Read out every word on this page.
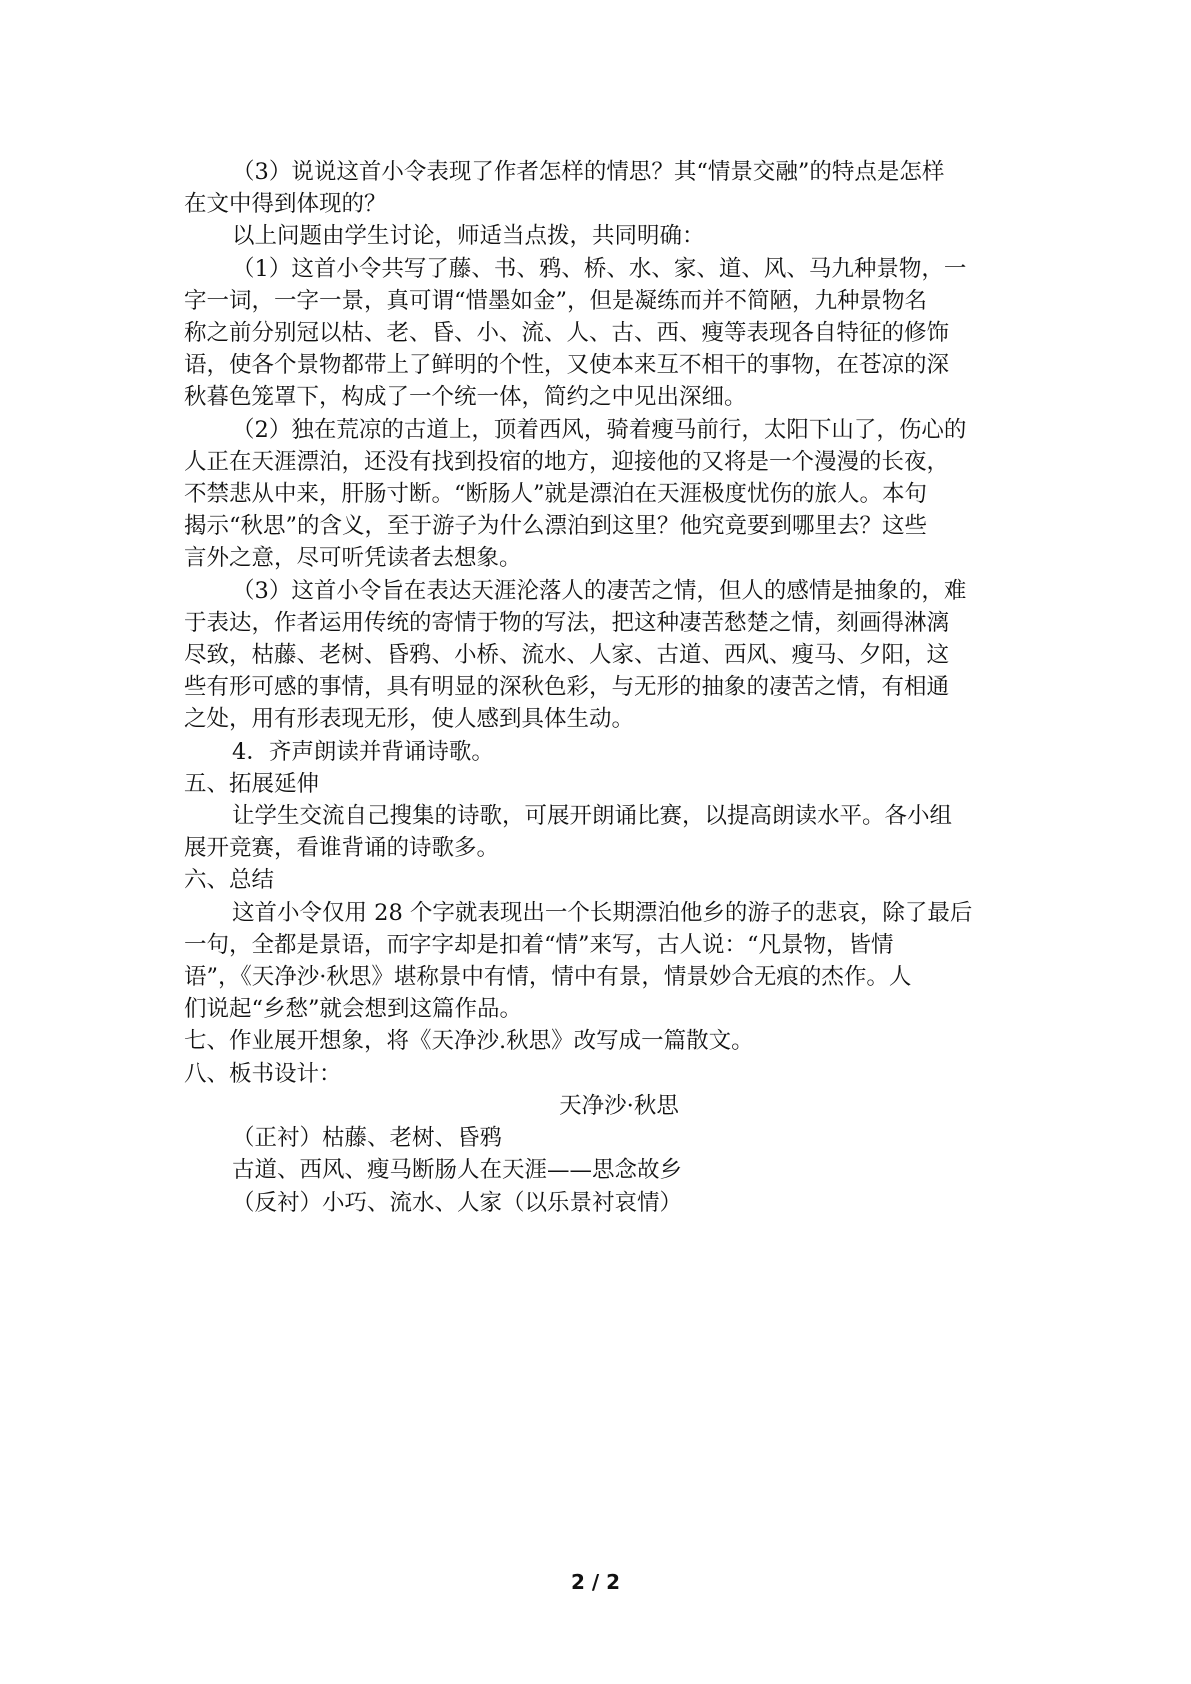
（3）说说这首小令表现了作者怎样的情思？其“情景交融”的特点是怎样
在文中得到体现的？
以上问题由学生讨论，师适当点拨，共同明确：
（1）这首小令共写了藤、书、鸦、桥、水、家、道、风、马九种景物，一
字一词，一字一景，真可谓“惜墨如金”，但是凝练而并不简陋，九种景物名
称之前分别冠以枯、老、昏、小、流、人、古、西、瘦等表现各自特征的修饰
语，使各个景物都带上了鲜明的个性，又使本来互不相干的事物，在苍凉的深
秋暮色笼罩下，构成了一个统一体，简约之中见出深细。
（2）独在荒凉的古道上，顶着西风，骑着瘦马前行，太阳下山了，伤心的
人正在天涯漂泊，还没有找到投宿的地方，迎接他的又将是一个漫漫的长夜，
不禁悲从中来，肝肠寸断。“断肠人”就是漂泊在天涯极度忧伤的旅人。本句
揭示“秋思”的含义，至于游子为什么漂泊到这里？他究竟要到哪里去？这些
言外之意，尽可听凭读者去想象。
（3）这首小令旨在表达天涯沦落人的凄苦之情，但人的感情是抽象的，难
于表达，作者运用传统的寄情于物的写法，把这种凄苦愁楚之情，刻画得淋漓
尽致，枯藤、老树、昏鸦、小桥、流水、人家、古道、西风、瘦马、夕阳，这
些有形可感的事情，具有明显的深秋色彩，与无形的抽象的凄苦之情，有相通
之处，用有形表现无形，使人感到具体生动。
4．齐声朗读并背诵诗歌。
五、拓展延伸
让学生交流自己搜集的诗歌，可展开朗诵比赛，以提高朗读水平。各小组
展开竞赛，看谁背诵的诗歌多。
六、总结
这首小令仅用 28 个字就表现出一个长期漂泊他乡的游子的悲哀，除了最后
一句，全都是景语，而字字却是扣着“情”来写，古人说：“凡景物，皆情
语”，《天净沙·秋思》堪称景中有情，情中有景，情景妙合无痕的杰作。人
们说起“乡愁”就会想到这篇作品。
七、作业展开想象，将《天净沙.秋思》改写成一篇散文。
八、板书设计：
天净沙·秋思
（正衬）枯藤、老树、昏鸦
古道、西风、瘦马断肠人在天涯——思念故乡
（反衬）小巧、流水、人家（以乐景衬哀情）
2 / 2
